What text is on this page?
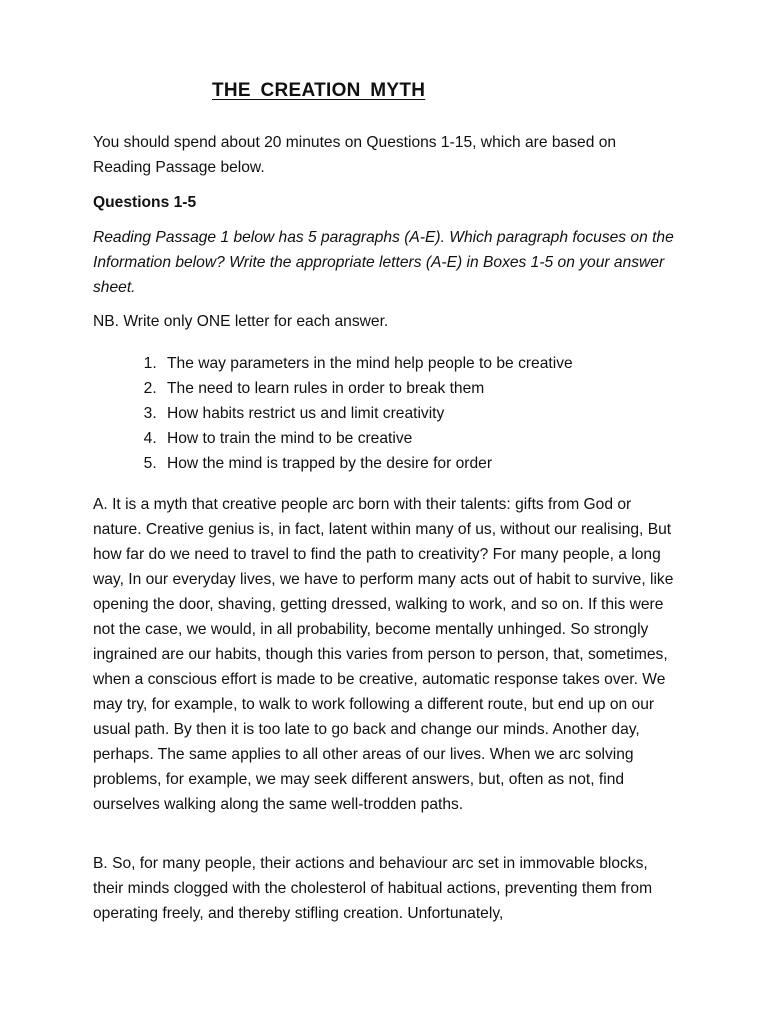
THE CREATION MYTH

You should spend about 20 minutes on Questions 1-15, which are based on Reading Passage below.

Questions 1-5

Reading Passage 1 below has 5 paragraphs (A-E). Which paragraph focuses on the Information below? Write the appropriate letters (A-E) in Boxes 1-5 on your answer sheet.

NB. Write only ONE letter for each answer.

1. The way parameters in the mind help people to be creative
2. The need to learn rules in order to break them
3. How habits restrict us and limit creativity
4. How to train the mind to be creative
5. How the mind is trapped by the desire for order

A. It is a myth that creative people arc born with their talents: gifts from God or nature. Creative genius is, in fact, latent within many of us, without our realising, But how far do we need to travel to find the path to creativity? For many people, a long way, In our everyday lives, we have to perform many acts out of habit to survive, like opening the door, shaving, getting dressed, walking to work, and so on. If this were not the case, we would, in all probability, become mentally unhinged. So strongly ingrained are our habits, though this varies from person to person, that, sometimes, when a conscious effort is made to be creative, automatic response takes over. We may try, for example, to walk to work following a different route, but end up on our usual path. By then it is too late to go back and change our minds. Another day, perhaps. The same applies to all other areas of our lives. When we arc solving problems, for example, we may seek different answers, but, often as not, find ourselves walking along the same well-trodden paths.

B. So, for many people, their actions and behaviour arc set in immovable blocks, their minds clogged with the cholesterol of habitual actions, preventing them from operating freely, and thereby stifling creation. Unfortunately,
